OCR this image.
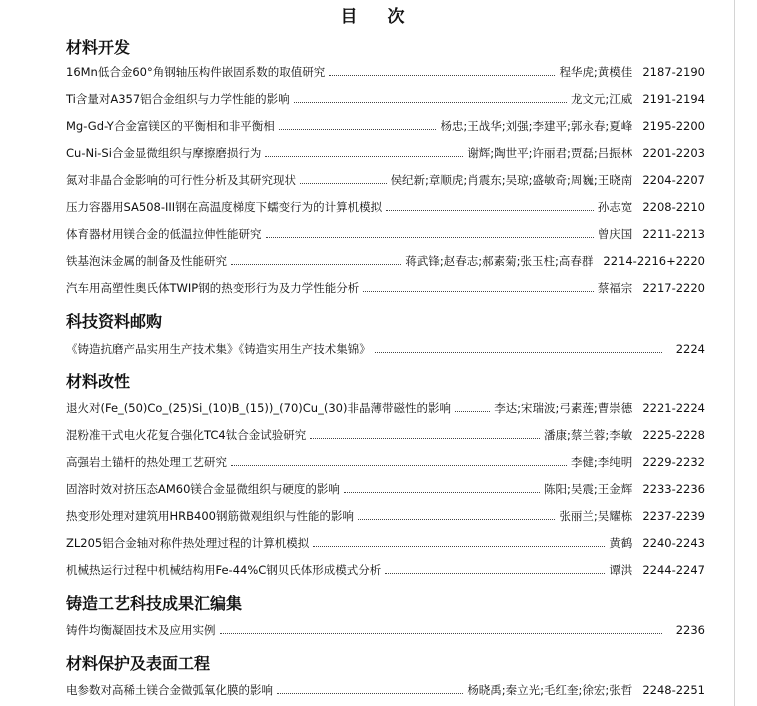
目 次
材料开发
16Mn低合金60°角钢轴压构件嵌固系数的取值研究	程华虎;黄模佳 2187-2190
Ti含量对A357铝合金组织与力学性能的影响	龙文元;江威 2191-2194
Mg-Gd-Y合金富镁区的平衡相和非平衡相	杨忠;王战华;刘强;李建平;郭永春;夏峰 2195-2200
Cu-Ni-Si合金显微组织与摩擦磨损行为	谢辉;陶世平;许丽君;贾磊;吕振林 2201-2203
氮对非晶合金影响的可行性分析及其研究现状	侯纪新;章顺虎;肖震东;吴琼;盛敏奇;周巍;王晓南 2204-2207
压力容器用SA508-III钢在高温度梯度下蠕变行为的计算机模拟	孙志宽 2208-2210
体育器材用镁合金的低温拉伸性能研究	曾庆国 2211-2213
铁基泡沫金属的制备及性能研究	蒋武锋;赵春志;郝素菊;张玉柱;高春群 2214-2216+2220
汽车用高塑性奥氏体TWIP钢的热变形行为及力学性能分析	蔡福宗 2217-2220
科技资料邮购
《铸造抗磨产品实用生产技术集》《铸造实用生产技术集锦》	2224
材料改性
退火对(Fe_(50)Co_(25)Si_(10)B_(15))_(70)Cu_(30)非晶薄带磁性的影响	李达;宋瑞波;弓素莲;曹崇德 2221-2224
混粉准干式电火花复合强化TC4钛合金试验研究	潘康;蔡兰蓉;李敏 2225-2228
高强岩土锚杆的热处理工艺研究	李健;李纯明 2229-2232
固溶时效对挤压态AM60镁合金显微组织与硬度的影响	陈阳;吴震;王金辉 2233-2236
热变形处理对建筑用HRB400钢筋微观组织与性能的影响	张丽兰;吴耀栋 2237-2239
ZL205铝合金轴对称件热处理过程的计算机模拟	黄鹤 2240-2243
机械热运行过程中机械结构用Fe-44%C钢贝氏体形成模式分析	谭洪 2244-2247
铸造工艺科技成果汇编集
铸件均衡凝固技术及应用实例	2236
材料保护及表面工程
电参数对高稀土镁合金微弧氧化膜的影响	杨晓禹;秦立光;毛红奎;徐宏;张哲 2248-2251
